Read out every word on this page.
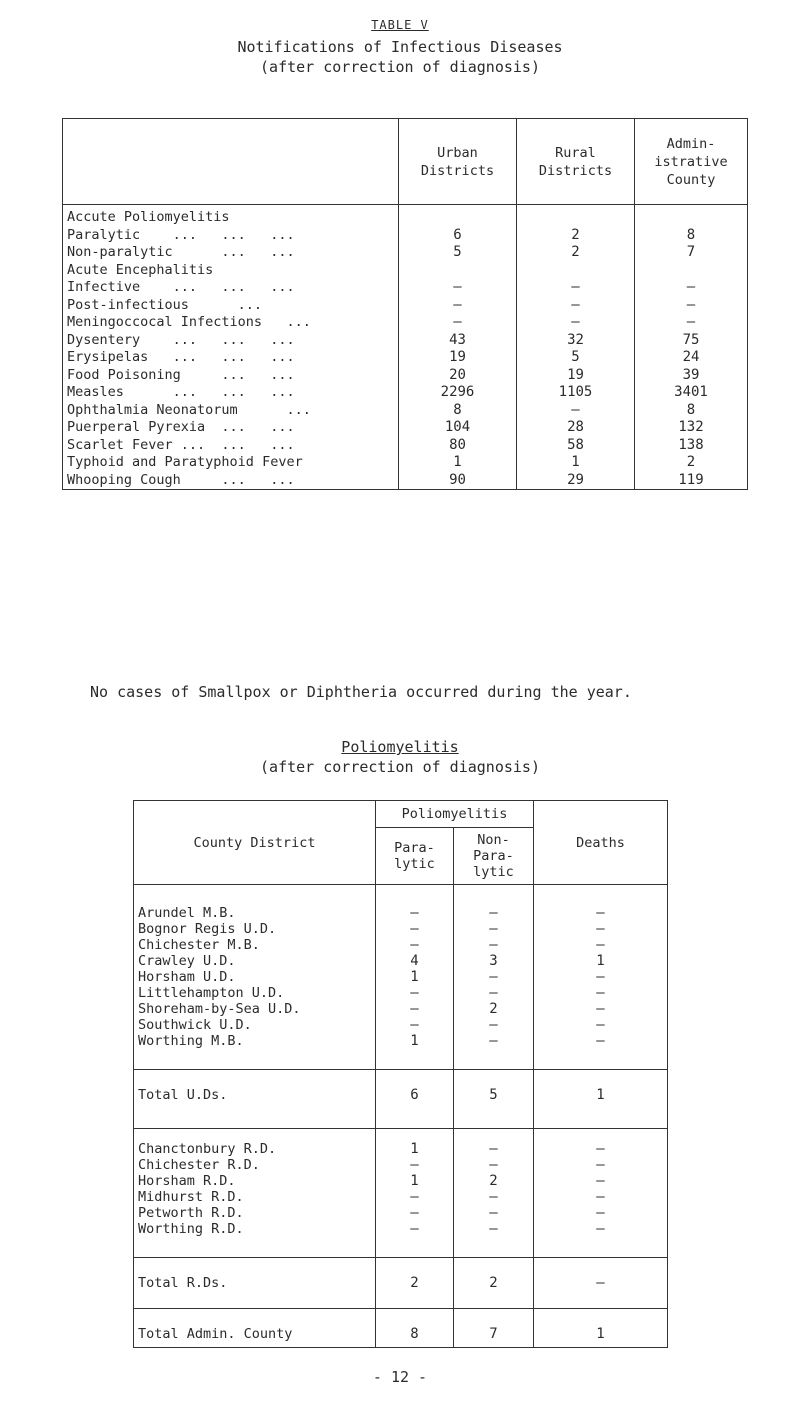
TABLE V
Notifications of Infectious Diseases
(after correction of diagnosis)
	Urban Districts	Rural Districts	Admin- istrative County
Accute Poliomyelitis			
Paralytic    ...   ...   ...	6	2	8
Non-paralytic      ...   ...	5	2	7
Acute Encephalitis			
Infective    ...   ...   ...	–	–	–
Post-infectious      ...	–	–	–
Meningoccocal Infections   ...	–	–	–
Dysentery    ...   ...   ...	43	32	75
Erysipelas   ...   ...   ...	19	5	24
Food Poisoning     ...   ...	20	19	39
Measles      ...   ...   ...	2296	1105	3401
Ophthalmia Neonatorum      ...	8	–	8
Puerperal Pyrexia  ...   ...	104	28	132
Scarlet Fever ...  ...   ...	80	58	138
Typhoid and Paratyphoid Fever	1	1	2
Whooping Cough     ...   ...	90	29	119
No cases of Smallpox or Diphtheria occurred during the year.
Poliomyelitis
(after correction of diagnosis)
County District	Poliomyelitis		Deaths
	Para- lytic	Non- Para- lytic	

Arundel M.B.	–	–	–
Bognor Regis U.D.	–	–	–
Chichester M.B.	–	–	–
Crawley U.D.	4	3	1
Horsham U.D.	1	–	–
Littlehampton U.D.	–	–	–
Shoreham-by-Sea U.D.	–	2	–
Southwick U.D.	–	–	–
Worthing M.B.	1	–	–

Total U.Ds.	6	5	1

Chanctonbury R.D.	1	–	–
Chichester R.D.	–	–	–
Horsham R.D.	1	2	–
Midhurst R.D.	–	–	–
Petworth R.D.	–	–	–
Worthing R.D.	–	–	–

Total R.Ds.	2	2	–

Total Admin. County	8	7	1
- 12 -
